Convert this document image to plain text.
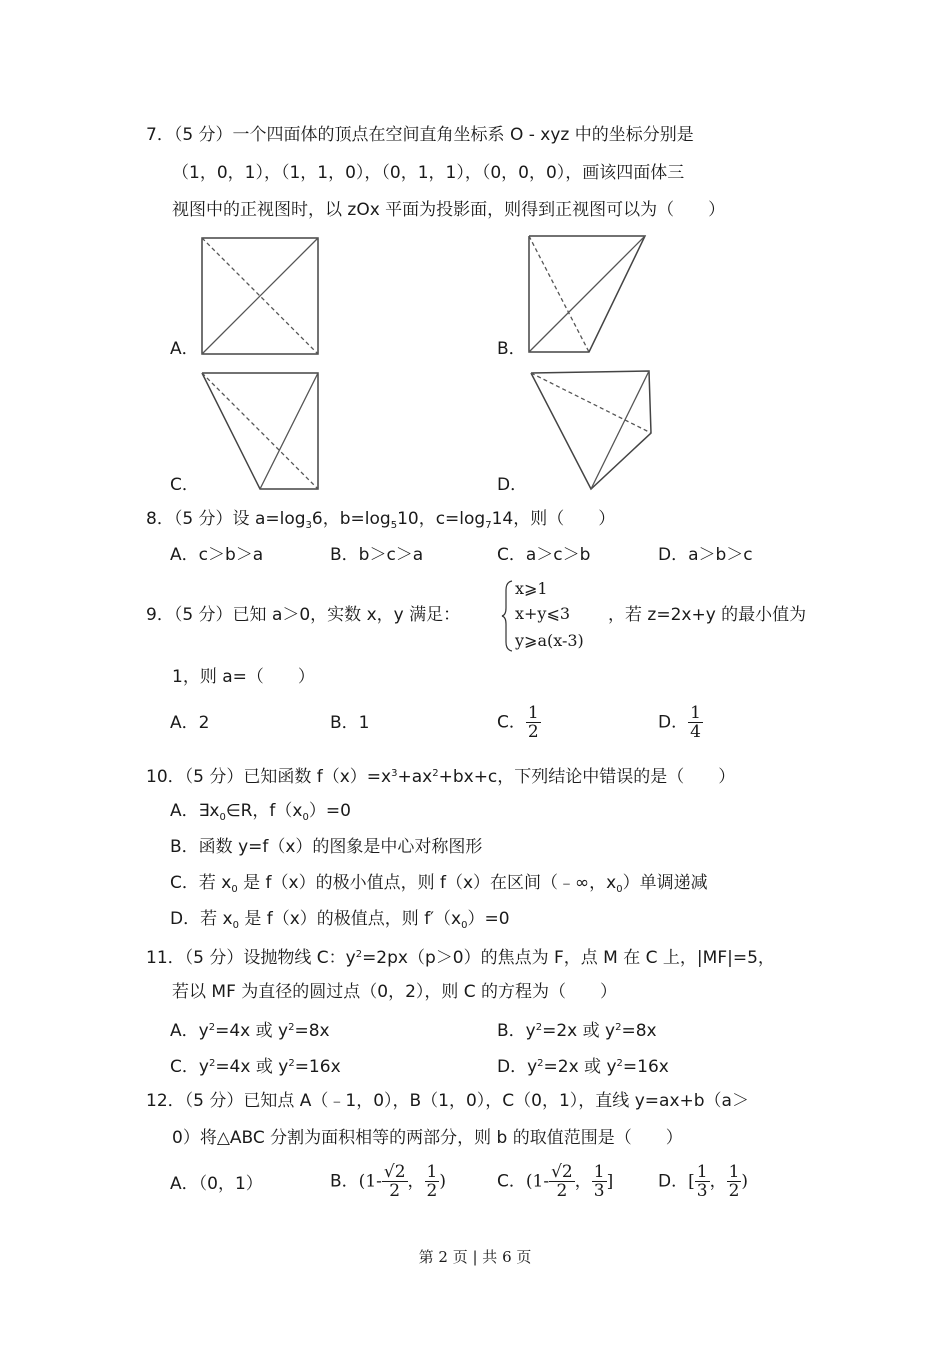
7．（5 分）一个四面体的顶点在空间直角坐标系 O - xyz 中的坐标分别是
（1，0，1），（1，1，0），（0，1，1），（0，0，0），画该四面体三
视图中的正视图时，以 zOx 平面为投影面，则得到正视图可以为（　　）
A．	B．
C．	D．
8．（5 分）设 $a=\log_36$，$b=\log_510$，$c=\log_714$，则（　　）
A．c＞b＞a	B．b＞c＞a	C．a＞c＞b	D．a＞b＞c
9．（5 分）已知 a＞0，实数 x，y 满足：
x⩾1
x+y⩽3
y⩾a(x-3)
，若 z=2x+y 的最小值为
1，则 a=（　　）
A．2	B．1	C． $\frac{1}{2}$	D． $\frac{1}{4}$
10．（5 分）已知函数 $f(x)=x^3+ax^2+bx+c$，下列结论中错误的是（　　）
A．$\exists x_0\in R$，$f(x_0)=0$
B．函数 y=f（x）的图象是中心对称图形
C．若 $x_0$ 是 f（x）的极小值点，则 f（x）在区间（﹣∞，$x_0$）单调递减
D．若 $x_0$ 是 f（x）的极值点，则 $f'(x_0)=0$
11．（5 分）设抛物线 C：$y^2=2px(p>0)$的焦点为 F，点 M 在 C 上，|MF|=5，
若以 MF 为直径的圆过点（0，2），则 C 的方程为（　　）
A．$y^2=4x$ 或 $y^2=8x$	B．$y^2=2x$ 或 $y^2=8x$
C．$y^2=4x$ 或 $y^2=16x$	D．$y^2=2x$ 或 $y^2=16x$
12．（5 分）已知点 A（﹣1，0），B（1，0），C（0，1），直线 y=ax+b（a＞
0）将△ABC 分割为面积相等的两部分，则 b 的取值范围是（　　）
A．（0，1）	B．($1- \frac{√2}{2}$ ， $\frac{1}{2}$ )	C．($1- \frac{√2}{2}$ ， $\frac{1}{3}$ ]	D．[ $\frac{1}{3}$ ， $\frac{1}{2}$ )
第 2 页 | 共 6 页
